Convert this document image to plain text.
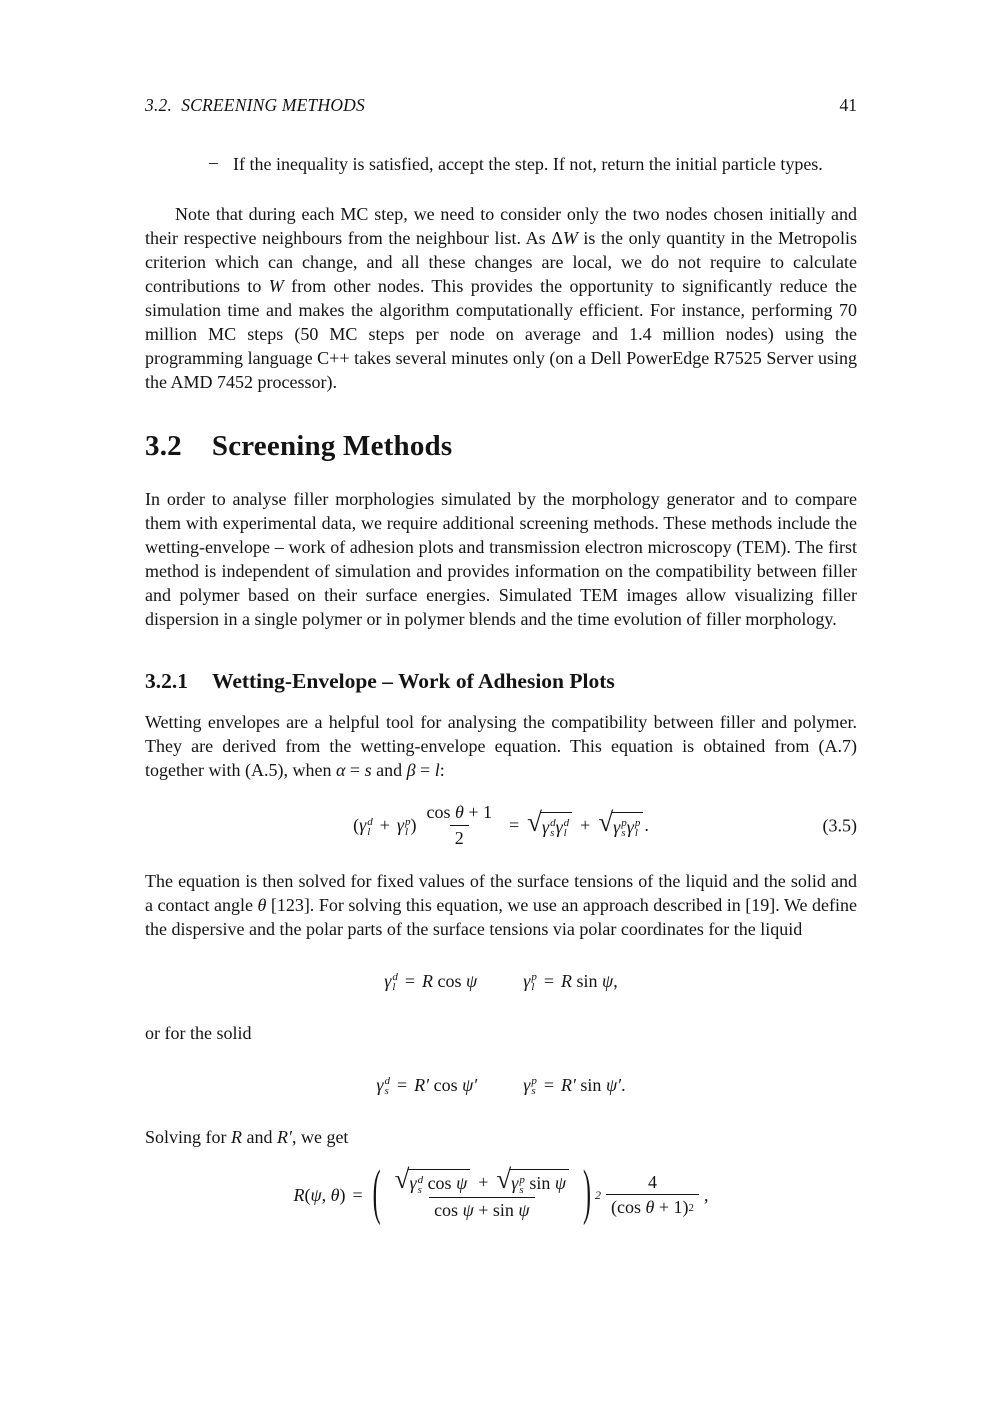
3.2.  SCREENING METHODS	41
– If the inequality is satisfied, accept the step. If not, return the initial particle types.

Note that during each MC step, we need to consider only the two nodes chosen initially and their respective neighbours from the neighbour list. As ΔW is the only quantity in the Metropolis criterion which can change, and all these changes are local, we do not require to calculate contributions to W from other nodes. This provides the opportunity to significantly reduce the simulation time and makes the algorithm computationally efficient. For instance, performing 70 million MC steps (50 MC steps per node on average and 1.4 million nodes) using the programming language C++ takes several minutes only (on a Dell PowerEdge R7525 Server using the AMD 7452 processor).

3.2 Screening Methods

In order to analyse filler morphologies simulated by the morphology generator and to compare them with experimental data, we require additional screening methods. These methods include the wetting-envelope – work of adhesion plots and transmission electron microscopy (TEM). The first method is independent of simulation and provides information on the compatibility between filler and polymer based on their surface energies. Simulated TEM images allow visualizing filler dispersion in a single polymer or in polymer blends and the time evolution of filler morphology.

3.2.1 Wetting-Envelope – Work of Adhesion Plots

Wetting envelopes are a helpful tool for analysing the compatibility between filler and polymer. They are derived from the wetting-envelope equation. This equation is obtained from (A.7) together with (A.5), when α = s and β = l:

( γ d
l + γ p
l ) $\frac{\text{cos θ + 1}}{2}$ = √ γ d
s γ d
l + √ γ p
s γ p
l .	(3.5)

The equation is then solved for fixed values of the surface tensions of the liquid and the solid and a contact angle θ [123]. For solving this equation, we use an approach described in [19]. We define the dispersive and the polar parts of the surface tensions via polar coordinates for the liquid

γ d
l = R cos ψ	γ p
l = R sin ψ,

or for the solid

γ d
s = R′ cos ψ′	γ p
s = R′ sin ψ′.

Solving for R and R′, we get

R(ψ, θ) = ( √ γ d
s cos ψ + √ γ p
s sin ψ
cos ψ + sin ψ ) $2 \frac{4}{\text{(cos θ + 1) 2}}$ ,
